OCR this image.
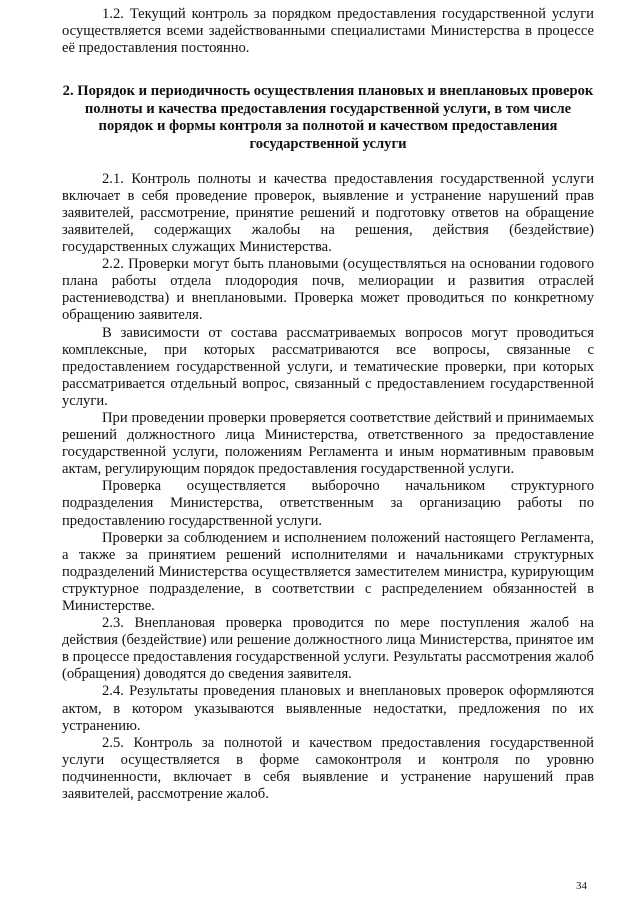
1.2. Текущий контроль за порядком предоставления государственной услуги осуществляется всеми задействованными специалистами Министерства в процессе её предоставления постоянно.

2. Порядок и периодичность осуществления плановых и внеплановых проверок полноты и качества предоставления государственной услуги, в том числе порядок и формы контроля за полнотой и качеством предоставления государственной услуги

2.1. Контроль полноты и качества предоставления государственной услуги включает в себя проведение проверок, выявление и устранение нарушений прав заявителей, рассмотрение, принятие решений и подготовку ответов на обращение заявителей, содержащих жалобы на решения, действия (бездействие) государственных служащих Министерства.

2.2. Проверки могут быть плановыми (осуществляться на основании годового плана работы отдела плодородия почв, мелиорации и развития отраслей растениеводства) и внеплановыми. Проверка может проводиться по конкретному обращению заявителя.

В зависимости от состава рассматриваемых вопросов могут проводиться комплексные, при которых рассматриваются все вопросы, связанные с предоставлением государственной услуги, и тематические проверки, при которых рассматривается отдельный вопрос, связанный с предоставлением государственной услуги.

При проведении проверки проверяется соответствие действий и принимаемых решений должностного лица Министерства, ответственного за предоставление государственной услуги, положениям Регламента и иным нормативным правовым актам, регулирующим порядок предоставления государственной услуги.

Проверка осуществляется выборочно начальником структурного подразделения Министерства, ответственным за организацию работы по предоставлению государственной услуги.

Проверки за соблюдением и исполнением положений настоящего Регламента, а также за принятием решений исполнителями и начальниками структурных подразделений Министерства осуществляется заместителем министра, курирующим структурное подразделение, в соответствии с распределением обязанностей в Министерстве.

2.3. Внеплановая проверка проводится по мере поступления жалоб на действия (бездействие) или решение должностного лица Министерства, принятое им в процессе предоставления государственной услуги. Результаты рассмотрения жалоб (обращения) доводятся до сведения заявителя.

2.4. Результаты проведения плановых и внеплановых проверок оформляются актом, в котором указываются выявленные недостатки, предложения по их устранению.

2.5. Контроль за полнотой и качеством предоставления государственной услуги осуществляется в форме самоконтроля и контроля по уровню подчиненности, включает в себя выявление и устранение нарушений прав заявителей, рассмотрение жалоб.

34
